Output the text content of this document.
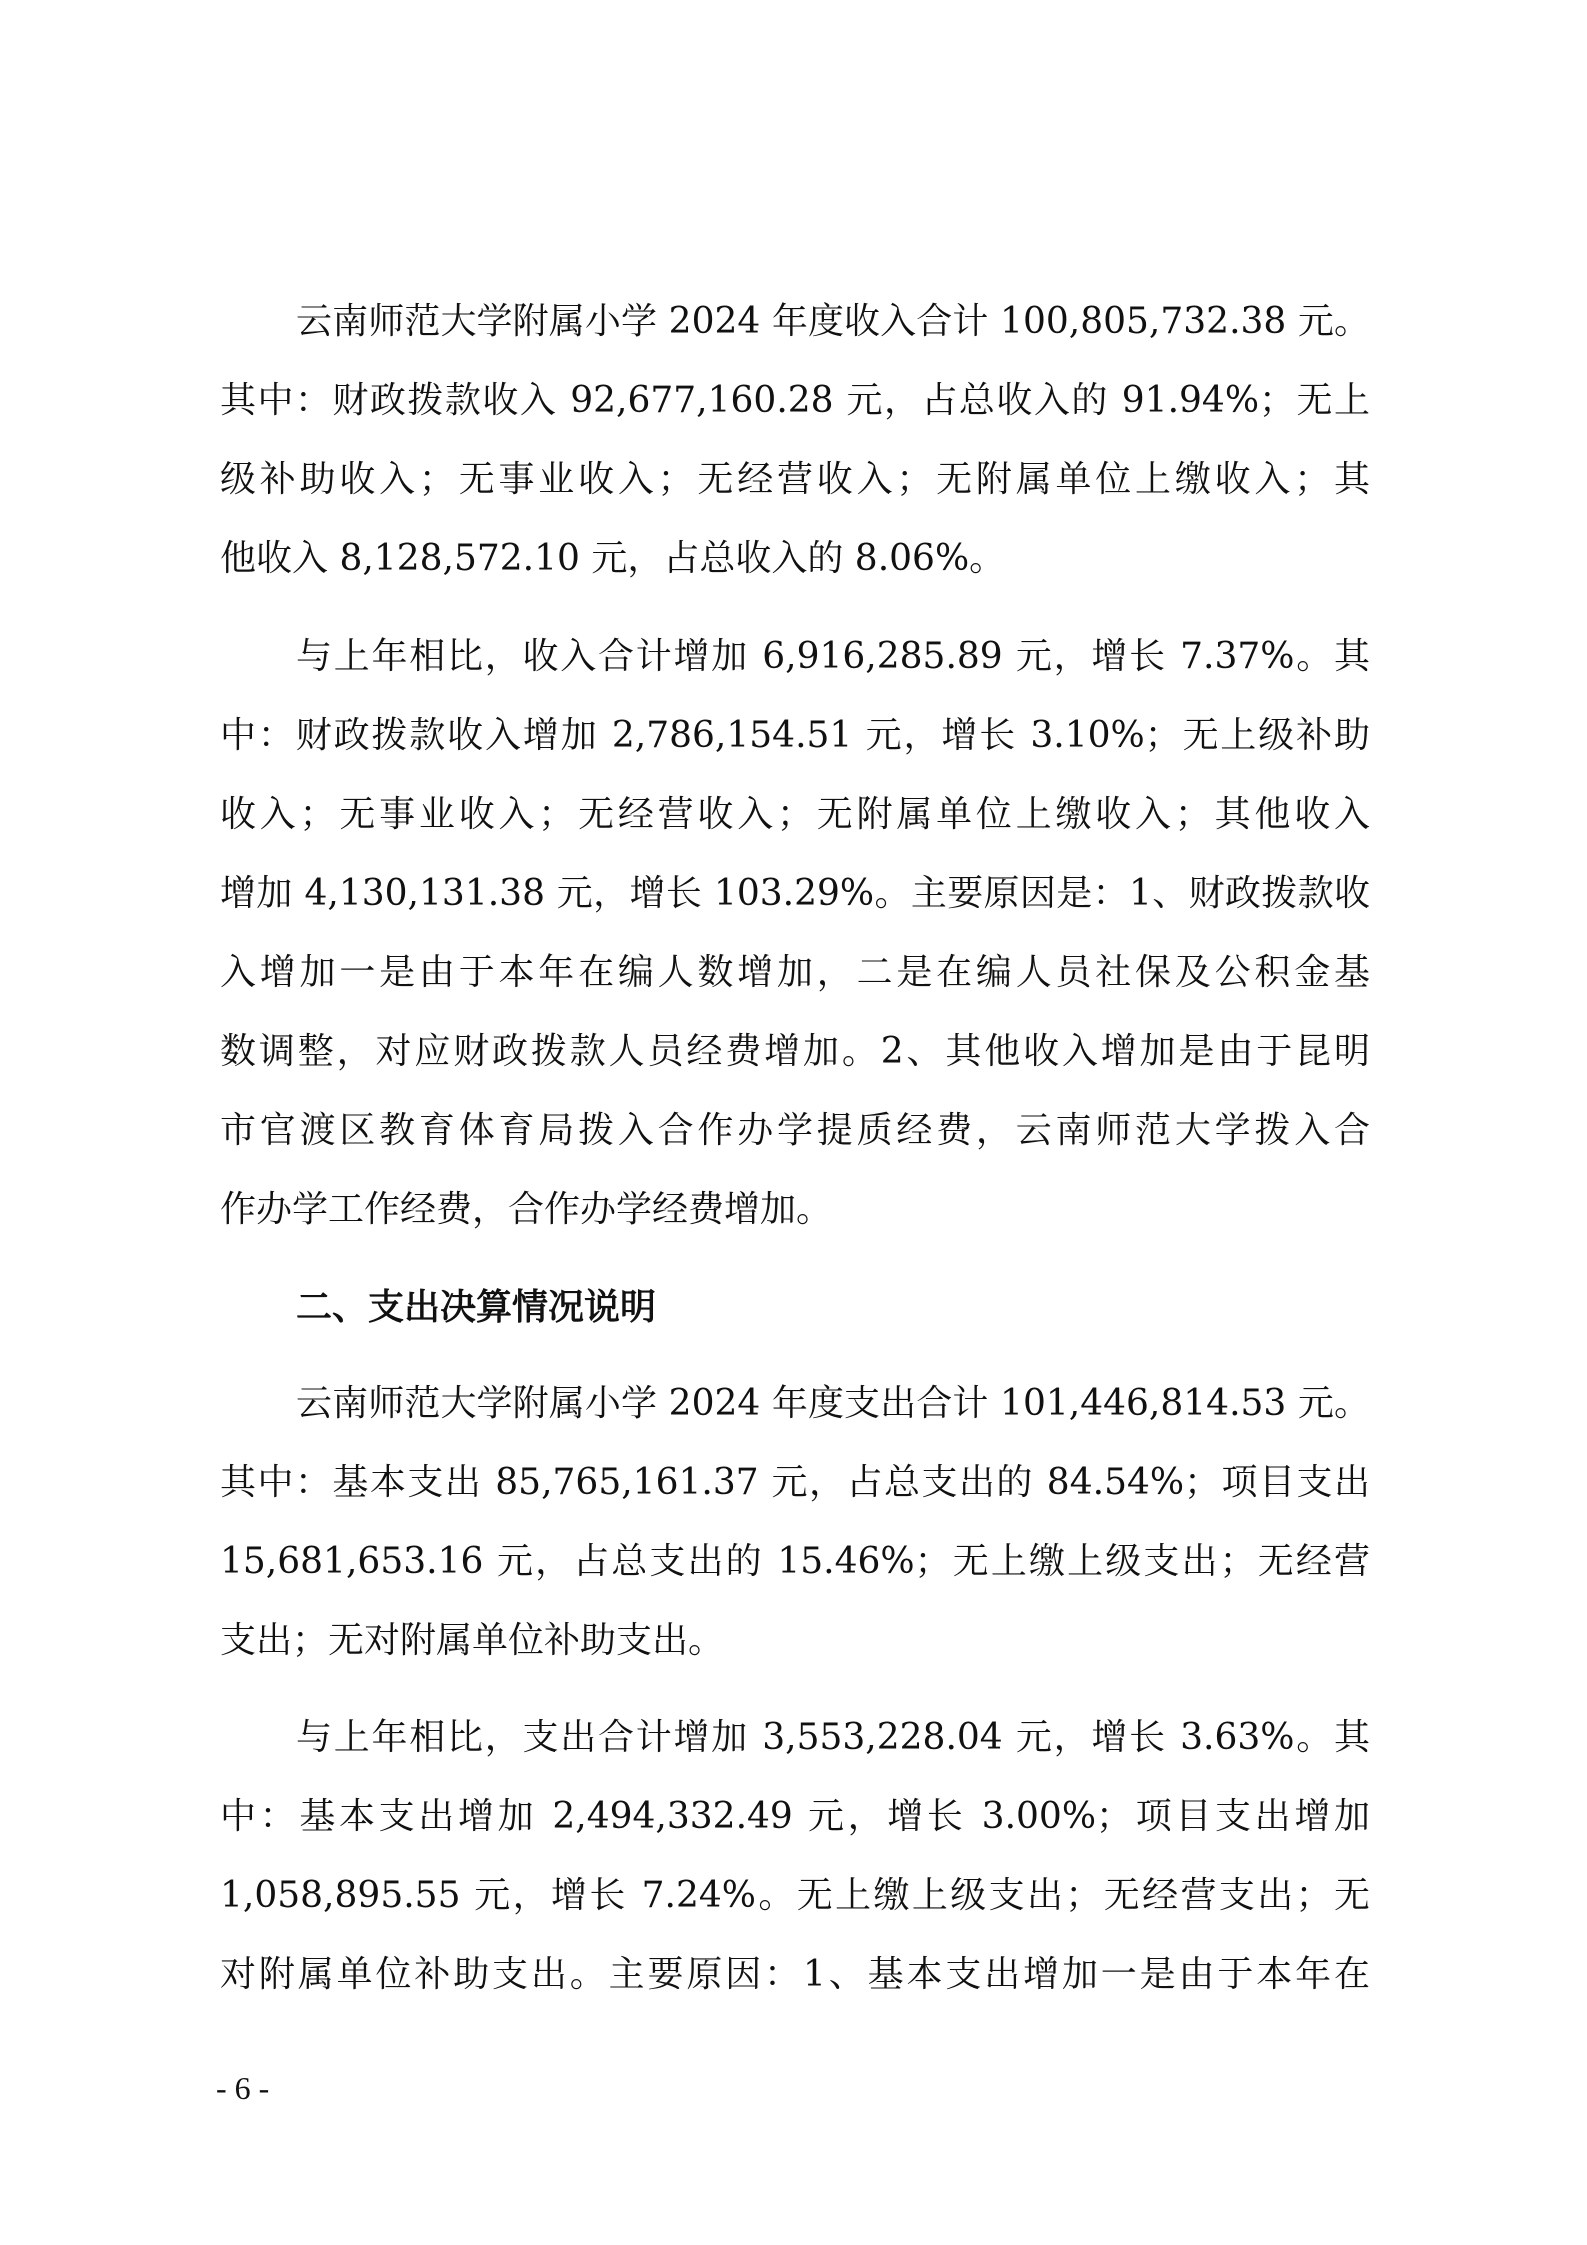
云南师范大学附属小学 2024 年度收入合计 100,805,732.38 元。
其中：财政拨款收入 92,677,160.28 元，占总收入的 91.94%；无上
级补助收入；无事业收入；无经营收入；无附属单位上缴收入；其
他收入 8,128,572.10 元，占总收入的 8.06%。
与上年相比，收入合计增加 6,916,285.89 元，增长 7.37%。其
中：财政拨款收入增加 2,786,154.51 元，增长 3.10%；无上级补助
收入；无事业收入；无经营收入；无附属单位上缴收入；其他收入
增加 4,130,131.38 元，增长 103.29%。主要原因是：1、财政拨款收
入增加一是由于本年在编人数增加，二是在编人员社保及公积金基
数调整，对应财政拨款人员经费增加。2、其他收入增加是由于昆明
市官渡区教育体育局拨入合作办学提质经费，云南师范大学拨入合
作办学工作经费，合作办学经费增加。
二、支出决算情况说明
云南师范大学附属小学 2024 年度支出合计 101,446,814.53 元。
其中：基本支出 85,765,161.37 元，占总支出的 84.54%；项目支出
15,681,653.16 元，占总支出的 15.46%；无上缴上级支出；无经营
支出；无对附属单位补助支出。
与上年相比，支出合计增加 3,553,228.04 元，增长 3.63%。其
中：基本支出增加 2,494,332.49 元，增长 3.00%；项目支出增加
1,058,895.55 元，增长 7.24%。无上缴上级支出；无经营支出；无
对附属单位补助支出。主要原因：1、基本支出增加一是由于本年在
- 6 -
